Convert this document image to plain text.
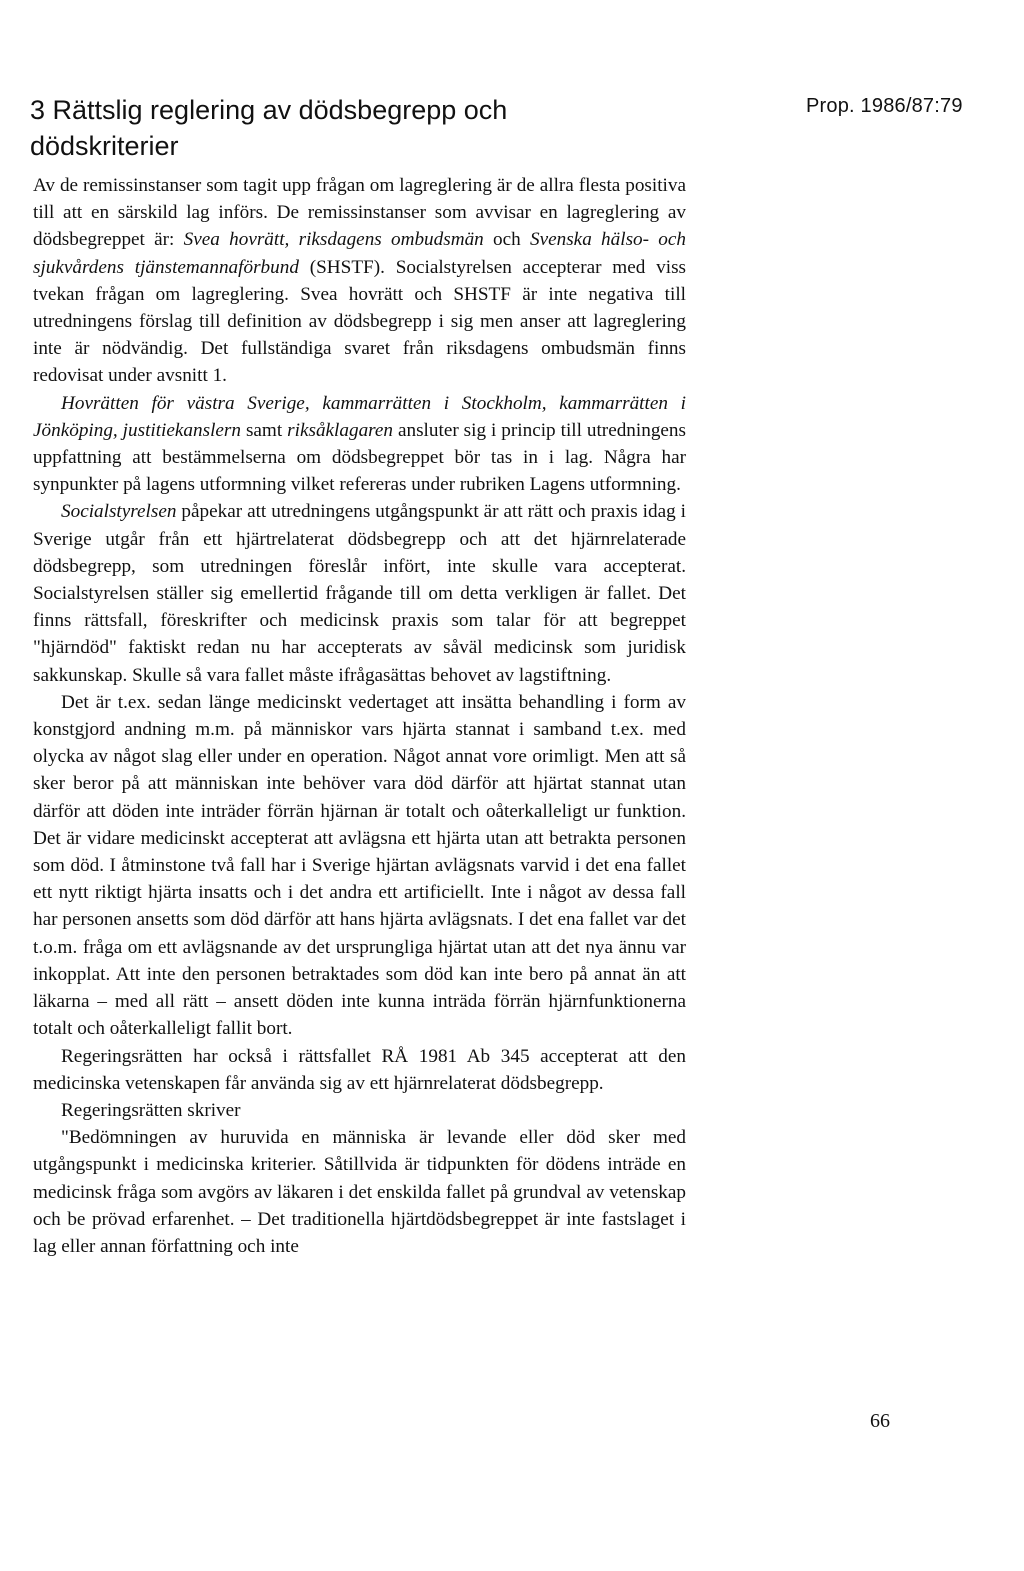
3 Rättslig reglering av dödsbegrepp och dödskriterier
Prop. 1986/87:79

Av de remissinstanser som tagit upp frågan om lagreglering är de allra flesta positiva till att en särskild lag införs. De remissinstanser som avvisar en lagreglering av dödsbegreppet är: Svea hovrätt, riksdagens ombudsmän och Svenska hälso- och sjukvårdens tjänstemannaförbund (SHSTF). Socialstyrelsen accepterar med viss tvekan frågan om lagreglering. Svea hovrätt och SHSTF är inte negativa till utredningens förslag till definition av dödsbegrepp i sig men anser att lagreglering inte är nödvändig. Det fullständiga svaret från riksdagens ombudsmän finns redovisat under avsnitt 1.

Hovrätten för västra Sverige, kammarrätten i Stockholm, kammarrätten i Jönköping, justitiekanslern samt riksåklagaren ansluter sig i princip till utredningens uppfattning att bestämmelserna om dödsbegreppet bör tas in i lag. Några har synpunkter på lagens utformning vilket refereras under rubriken Lagens utformning.

Socialstyrelsen påpekar att utredningens utgångspunkt är att rätt och praxis idag i Sverige utgår från ett hjärtrelaterat dödsbegrepp och att det hjärnrelaterade dödsbegrepp, som utredningen föreslår infört, inte skulle vara accepterat. Socialstyrelsen ställer sig emellertid frågande till om detta verkligen är fallet. Det finns rättsfall, föreskrifter och medicinsk praxis som talar för att begreppet "hjärndöd" faktiskt redan nu har accepterats av såväl medicinsk som juridisk sakkunskap. Skulle så vara fallet måste ifrågasättas behovet av lagstiftning.

Det är t.ex. sedan länge medicinskt vedertaget att insätta behandling i form av konstgjord andning m.m. på människor vars hjärta stannat i samband t.ex. med olycka av något slag eller under en operation. Något annat vore orimligt. Men att så sker beror på att människan inte behöver vara död därför att hjärtat stannat utan därför att döden inte inträder förrän hjärnan är totalt och oåterkalleligt ur funktion. Det är vidare medicinskt accepterat att avlägsna ett hjärta utan att betrakta personen som död. I åtminstone två fall har i Sverige hjärtan avlägsnats varvid i det ena fallet ett nytt riktigt hjärta insatts och i det andra ett artificiellt. Inte i något av dessa fall har personen ansetts som död därför att hans hjärta avlägsnats. I det ena fallet var det t.o.m. fråga om ett avlägsnande av det ursprungliga hjärtat utan att det nya ännu var inkopplat. Att inte den personen betraktades som död kan inte bero på annat än att läkarna – med all rätt – ansett döden inte kunna inträda förrän hjärnfunktionerna totalt och oåterkalleligt fallit bort.

Regeringsrätten har också i rättsfallet RÅ 1981 Ab 345 accepterat att den medicinska vetenskapen får använda sig av ett hjärnrelaterat dödsbegrepp.

Regeringsrätten skriver

"Bedömningen av huruvida en människa är levande eller död sker med utgångspunkt i medicinska kriterier. Såtillvida är tidpunkten för dödens inträde en medicinsk fråga som avgörs av läkaren i det enskilda fallet på grundval av vetenskap och be prövad erfarenhet. – Det traditionella hjärtdödsbegreppet är inte fastslaget i lag eller annan författning och inte

66
